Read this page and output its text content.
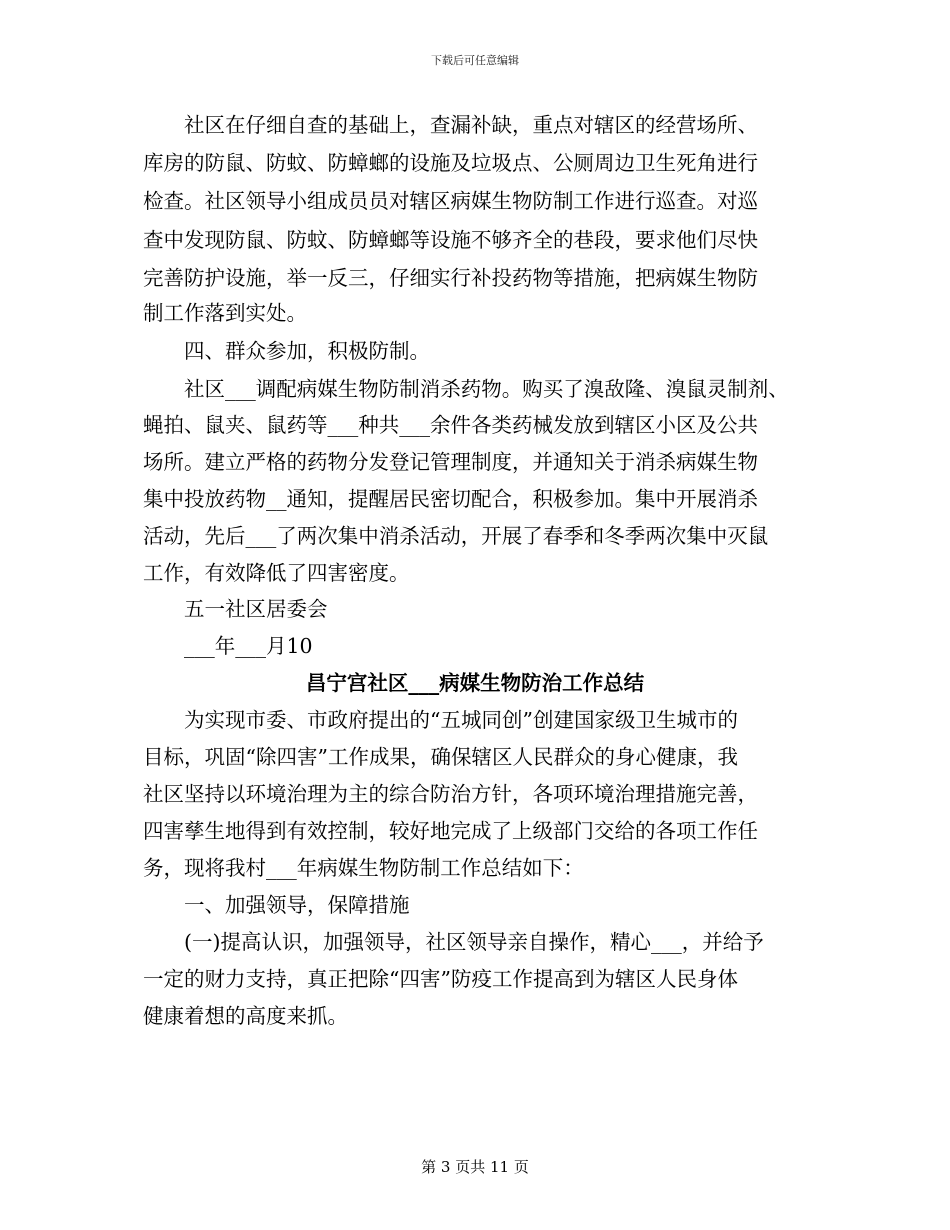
下载后可任意编辑
社区在仔细自查的基础上，查漏补缺，重点对辖区的经营场所、
库房的防鼠、防蚊、防蟑螂的设施及垃圾点、公厕周边卫生死角进行
检查。社区领导小组成员员对辖区病媒生物防制工作进行巡查。对巡
查中发现防鼠、防蚊、防蟑螂等设施不够齐全的巷段，要求他们尽快
完善防护设施，举一反三，仔细实行补投药物等措施，把病媒生物防
制工作落到实处。
四、群众参加，积极防制。
社区___调配病媒生物防制消杀药物。购买了溴敌隆、溴鼠灵制剂、
蝇拍、鼠夹、鼠药等___种共___余件各类药械发放到辖区小区及公共
场所。建立严格的药物分发登记管理制度，并通知关于消杀病媒生物
集中投放药物__通知，提醒居民密切配合，积极参加。集中开展消杀
活动，先后___了两次集中消杀活动，开展了春季和冬季两次集中灭鼠
工作，有效降低了四害密度。
五一社区居委会
___年___月10
昌宁宫社区___病媒生物防治工作总结
为实现市委、市政府提出的“五城同创”创建国家级卫生城市的
目标，巩固“除四害”工作成果，确保辖区人民群众的身心健康，我
社区坚持以环境治理为主的综合防治方针，各项环境治理措施完善，
四害孳生地得到有效控制，较好地完成了上级部门交给的各项工作任
务，现将我村___年病媒生物防制工作总结如下：
一、加强领导，保障措施
(一)提高认识，加强领导，社区领导亲自操作，精心___，并给予
一定的财力支持，真正把除“四害”防疫工作提高到为辖区人民身体
健康着想的高度来抓。
第 3 页共 11 页
